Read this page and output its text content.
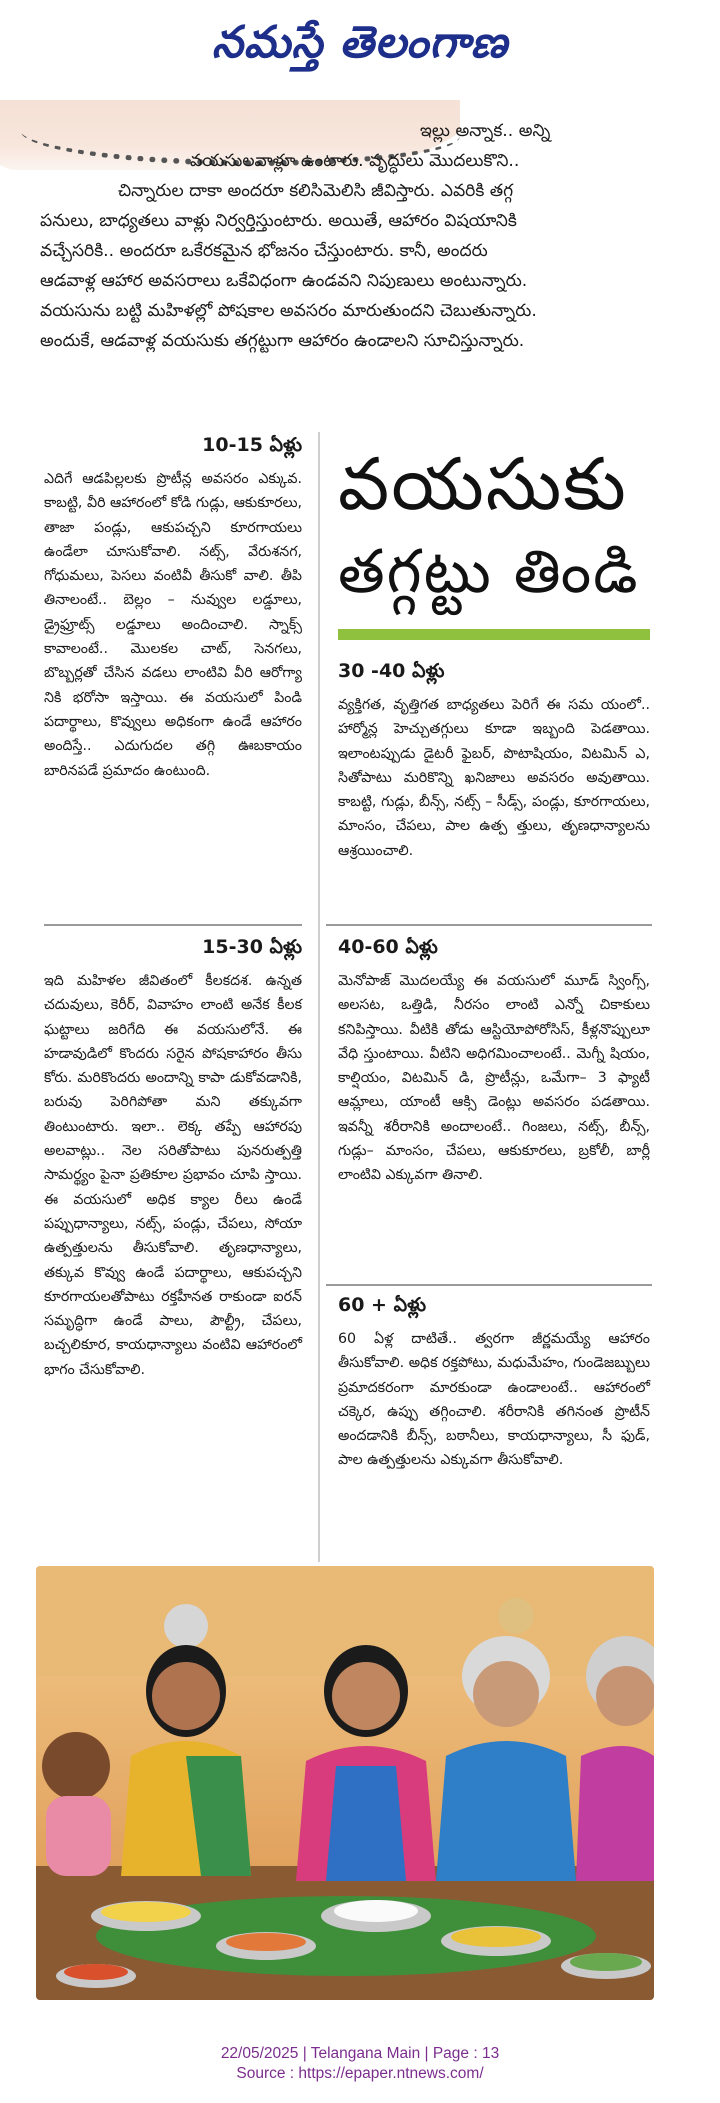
నమస్తే తెలంగాణ

ఇల్లు అన్నాక.. అన్ని

వయసులవాళ్లూ ఉంటారు. వృద్ధులు మొదలుకొని..

చిన్నారుల దాకా అందరూ కలిసిమెలిసి జీవిస్తారు. ఎవరికి తగ్గ

పనులు, బాధ్యతలు వాళ్లు నిర్వర్తిస్తుంటారు. అయితే, ఆహారం విషయానికి

వచ్చేసరికి.. అందరూ ఒకేరకమైన భోజనం చేస్తుంటారు. కానీ, అందరు

ఆడవాళ్ల ఆహార అవసరాలు ఒకేవిధంగా ఉండవని నిపుణులు అంటున్నారు.

వయసును బట్టి మహిళల్లో పోషకాల అవసరం మారుతుందని చెబుతున్నారు.

అందుకే, ఆడవాళ్ల వయసుకు తగ్గట్టుగా ఆహారం ఉండాలని సూచిస్తున్నారు.

10-15 ఏళ్లు

ఎదిగే ఆడపిల్లలకు ప్రొటీన్ల అవసరం ఎక్కువ. కాబట్టి, వీరి ఆహారంలో కోడి గుడ్లు, ఆకుకూరలు, తాజా పండ్లు, ఆకుపచ్చని కూరగాయలు ఉండేలా చూసుకోవాలి. నట్స్, వేరుశనగ, గోధుమలు, పెసలు వంటివీ తీసుకో వాలి. తీపి తినాలంటే.. బెల్లం – నువ్వుల లడ్డూలు, డ్రైఫ్రూట్స్ లడ్డూలు అందించాలి. స్నాక్స్ కావాలంటే.. మొలకల చాట్, సెనగలు, బొబ్బర్లతో చేసిన వడలు లాంటివి వీరి ఆరోగ్యా నికి భరోసా ఇస్తాయి. ఈ వయసులో పిండి పదార్థాలు, కొవ్వులు అధికంగా ఉండే ఆహారం అందిస్తే.. ఎదుగుదల తగ్గి ఊబకాయం బారినపడే ప్రమాదం ఉంటుంది.

15-30 ఏళ్లు

ఇది మహిళల జీవితంలో కీలకదశ. ఉన్నత చదువులు, కెరీర్, వివాహం లాంటి అనేక కీలక ఘట్టాలు జరిగేది ఈ వయసులోనే. ఈ హడావుడిలో కొందరు సరైన పోషకాహారం తీసు కోరు. మరికొందరు అందాన్ని కాపా డుకోవడానికి, బరువు పెరిగిపోతా మని తక్కువగా తింటుంటారు. ఇలా.. లెక్క తప్పే ఆహారపు అలవాట్లు.. నెల సరితోపాటు పునరుత్పత్తి సామర్థ్యం పైనా ప్రతికూల ప్రభావం చూపి స్తాయి. ఈ వయసులో అధిక క్యాల రీలు ఉండే పప్పుధాన్యాలు, నట్స్, పండ్లు, చేపలు, సోయా ఉత్పత్తులను తీసుకోవాలి. తృణధాన్యాలు, తక్కువ కొవ్వు ఉండే పదార్థాలు, ఆకుపచ్చని కూరగాయలతోపాటు రక్తహీనత రాకుండా ఐరన్ సమృద్ధిగా ఉండే పాలు, పౌల్ట్రీ, చేపలు, బచ్చలికూర, కాయధాన్యాలు వంటివి ఆహారంలో భాగం చేసుకోవాలి.

వయసుకు
తగ్గట్టు తిండి

30 -40 ఏళ్లు

వ్యక్తిగత, వృత్తిగత బాధ్యతలు పెరిగే ఈ సమ యంలో.. హార్మోన్ల హెచ్చుతగ్గులు కూడా ఇబ్బంది పెడతాయి. ఇలాంటప్పుడు డైటరీ ఫైబర్, పొటాషియం, విటమిన్ ఎ, సితోపాటు మరికొన్ని ఖనిజాలు అవసరం అవుతాయి. కాబట్టి, గుడ్లు, బీన్స్, నట్స్ – సీడ్స్, పండ్లు, కూరగాయలు, మాంసం, చేపలు, పాల ఉత్ప త్తులు, తృణధాన్యాలను ఆశ్రయించాలి.

40-60 ఏళ్లు

మెనోపాజ్ మొదలయ్యే ఈ వయసులో మూడ్ స్వింగ్స్, అలసట, ఒత్తిడి, నీరసం లాంటి ఎన్నో చికాకులు కనిపిస్తాయి. వీటికి తోడు ఆస్టియోపోరోసిస్, కీళ్లనొప్పులూ వేధి స్తుంటాయి. వీటిని అధిగమించాలంటే.. మెగ్నీ షియం, కాల్షియం, విటమిన్ డి, ప్రొటీన్లు, ఒమేగా– 3 ఫ్యాటీ ఆమ్లాలు, యాంటీ ఆక్సి డెంట్లు అవసరం పడతాయి. ఇవన్నీ శరీరానికి అందాలంటే.. గింజలు, నట్స్, బీన్స్, గుడ్లు– మాంసం, చేపలు, ఆకుకూరలు, బ్రకోలీ, బార్లీ లాంటివి ఎక్కువగా తినాలి.

60 + ఏళ్లు

60 ఏళ్ల దాటితే.. త్వరగా జీర్ణమయ్యే ఆహారం తీసుకోవాలి. అధిక రక్తపోటు, మధుమేహం, గుండెజబ్బులు ప్రమాదకరంగా మారకుండా ఉండాలంటే.. ఆహారంలో చక్కెర, ఉప్పు తగ్గించాలి. శరీరానికి తగినంత ప్రొటీన్ అందడానికి బీన్స్, బఠానీలు, కాయధాన్యాలు, సీ ఫుడ్, పాల ఉత్పత్తులను ఎక్కువగా తీసుకోవాలి.

22/05/2025 | Telangana Main | Page : 13
Source : https://epaper.ntnews.com/
